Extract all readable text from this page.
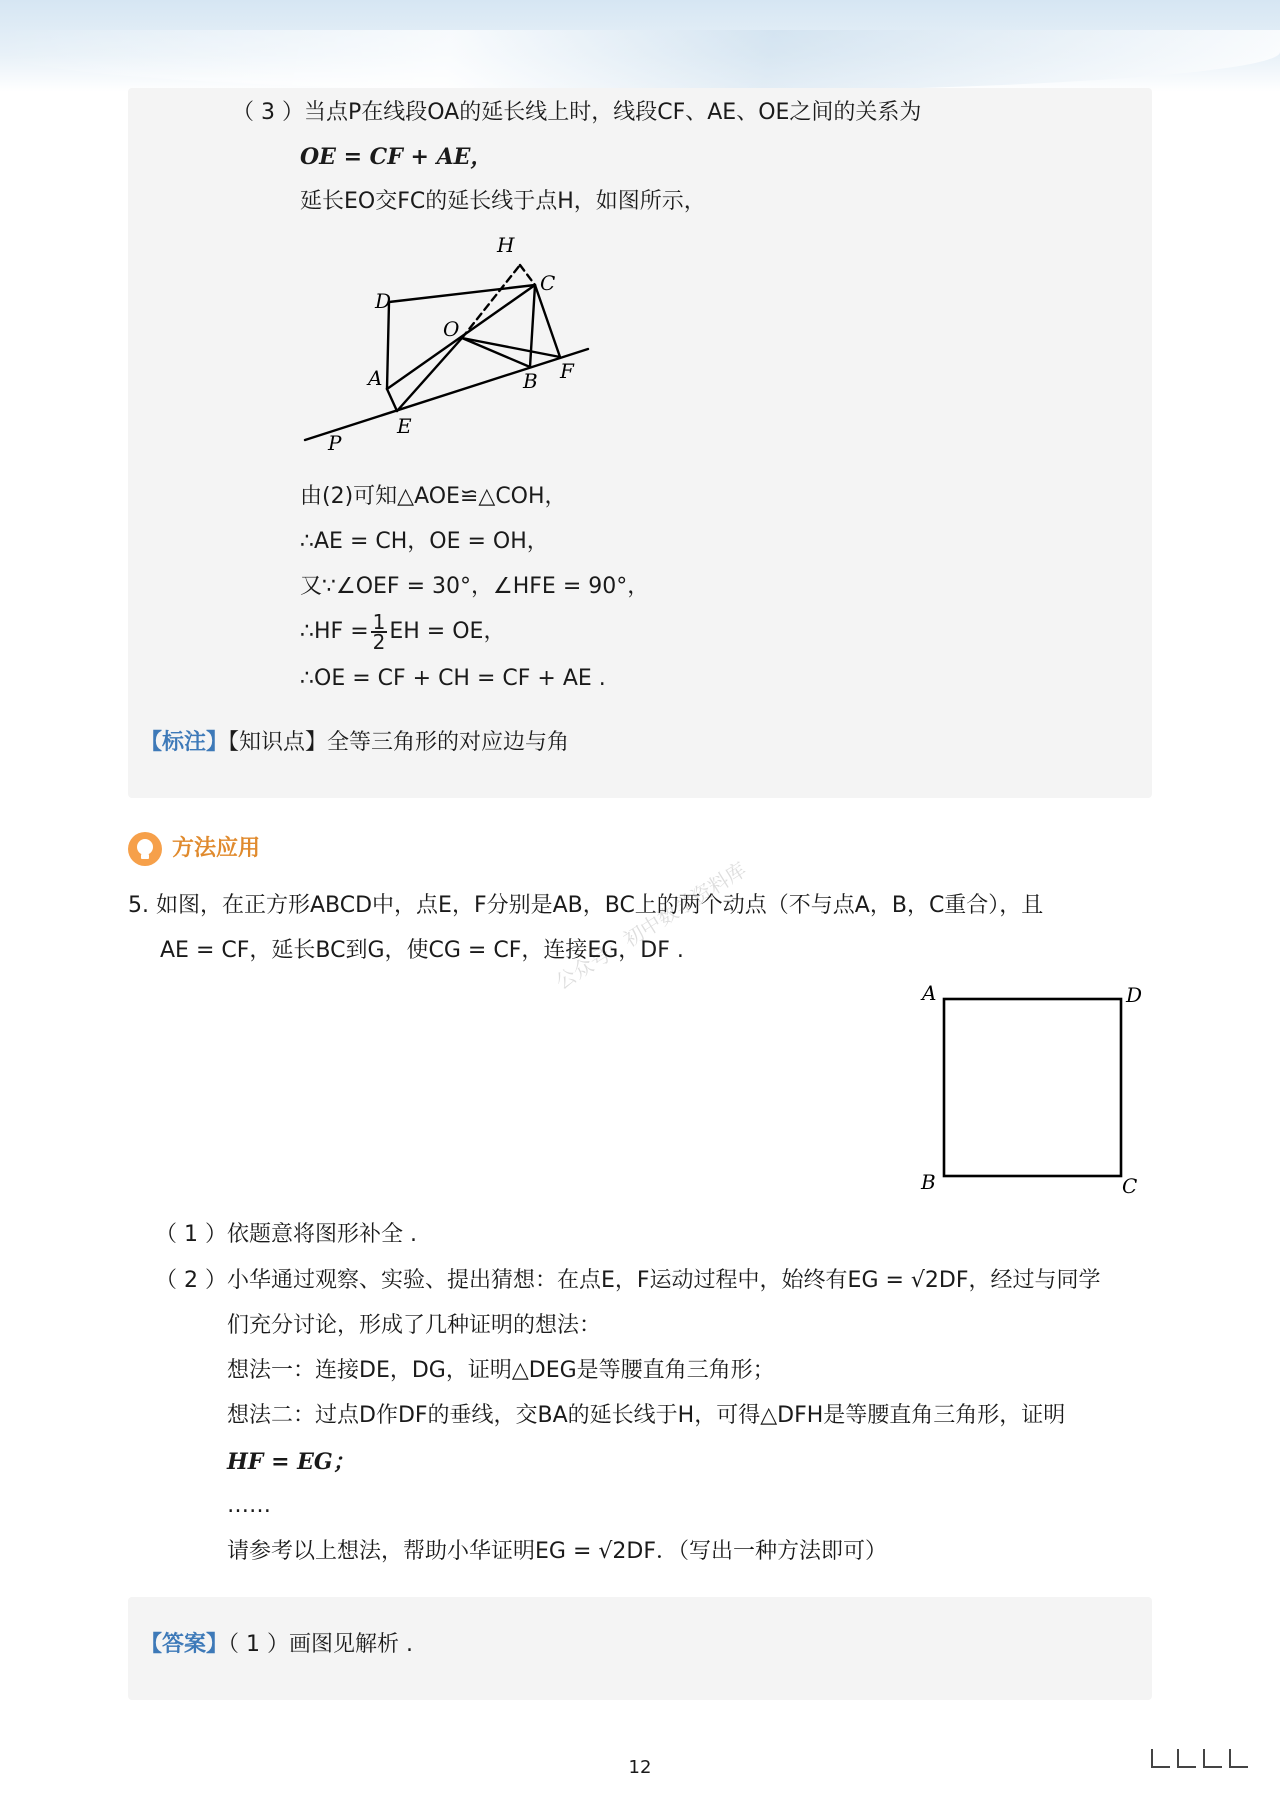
（ 3 ）当点P在线段OA的延长线上时，线段CF、AE、OE之间的关系为
OE = CF + AE，
延长EO交FC的延长线于点H，如图所示，
H
D
C
O
A	B F
E
P
由(2)可知△AOE≌△COH，
∴AE = CH，OE = OH，
又∵∠OEF = 30°，∠HFE = 90°，
∴HF = $\frac{1}{2}$ EH = OE，
∴OE = CF + CH = CF + AE .
【标注】【知识点】全等三角形的对应边与角
方法应用
公众号：初中数学资料库
5. 如图，在正方形ABCD中，点E，F分别是AB，BC上的两个动点（不与点A，B，C重合），且
AE = CF，延长BC到G，使CG = CF，连接EG，DF .
A	D
B	C
（ 1 ）依题意将图形补全 .
（ 2 ）小华通过观察、实验、提出猜想：在点E，F运动过程中，始终有EG = √2DF，经过与同学
们充分讨论，形成了几种证明的想法：
想法一：连接DE，DG，证明△DEG是等腰直角三角形；
想法二：过点D作DF的垂线，交BA的延长线于H，可得△DFH是等腰直角三角形，证明
HF = EG；
……
请参考以上想法，帮助小华证明EG = √2DF．（写出一种方法即可）
【答案】（ 1 ）画图见解析 .
12
